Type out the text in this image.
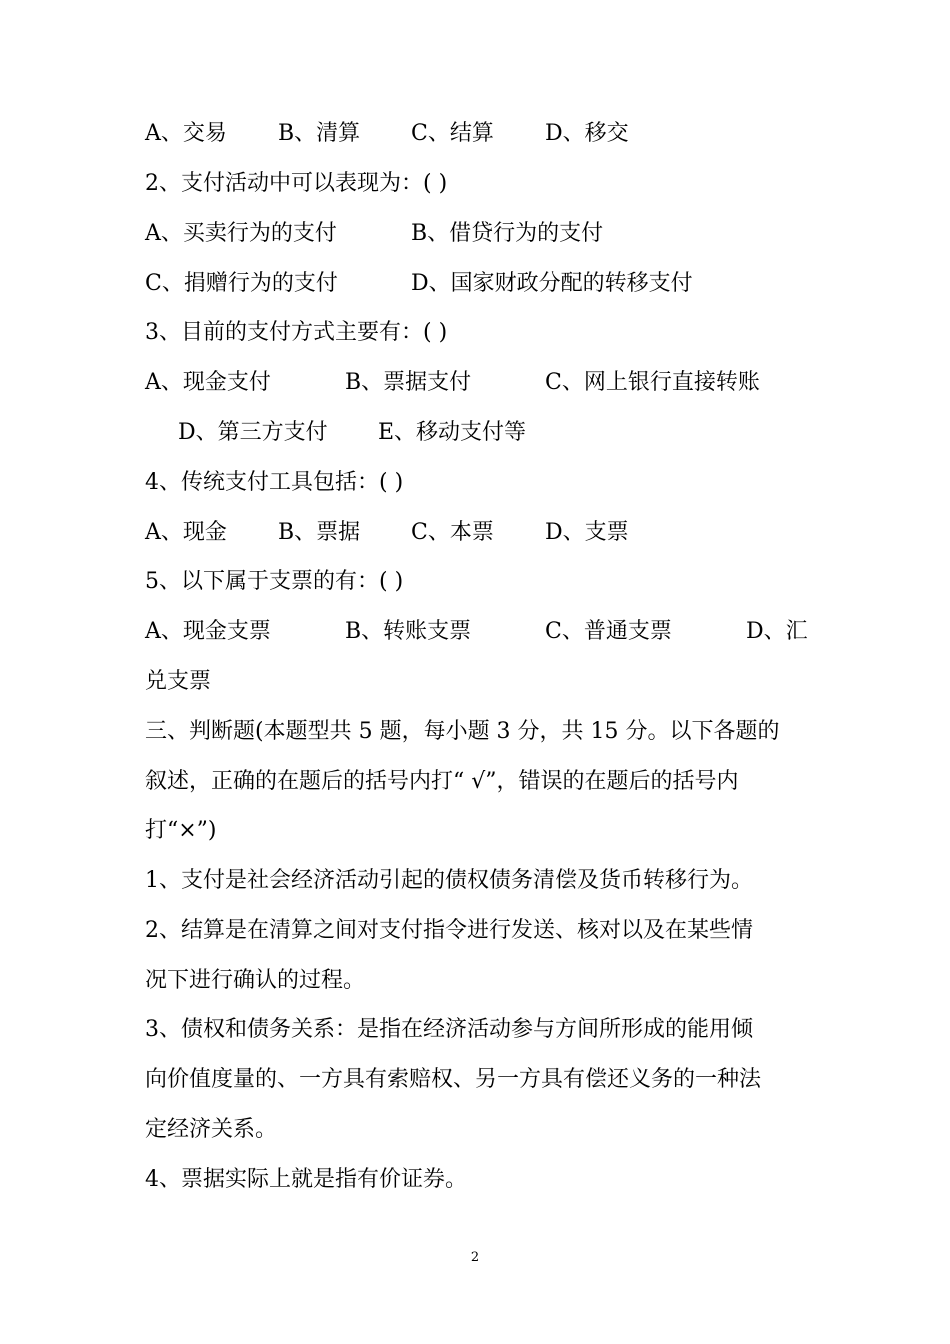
A、交易 B、清算 C、结算 D、移交
2、支付活动中可以表现为：( )
A、买卖行为的支付	B、借贷行为的支付
C、捐赠行为的支付	D、国家财政分配的转移支付
3、目前的支付方式主要有：( )
A、现金支付	B、票据支付	C、网上银行直接转账
D、第三方支付 E、移动支付等
4、传统支付工具包括：( )
A、现金 B、票据 C、本票 D、支票
5、以下属于支票的有：( )
A、现金支票	B、转账支票	C、普通支票	D、汇
兑支票
三、判断题(本题型共 5 题，每小题 3 分，共 15 分。以下各题的
叙述，正确的在题后的括号内打“ √”，错误的在题后的括号内
打“×”)
1、支付是社会经济活动引起的债权债务清偿及货币转移行为。
2、结算是在清算之间对支付指令进行发送、核对以及在某些情
况下进行确认的过程。
3、债权和债务关系：是指在经济活动参与方间所形成的能用倾
向价值度量的、一方具有索赔权、另一方具有偿还义务的一种法
定经济关系。
4、票据实际上就是指有价证券。
2
